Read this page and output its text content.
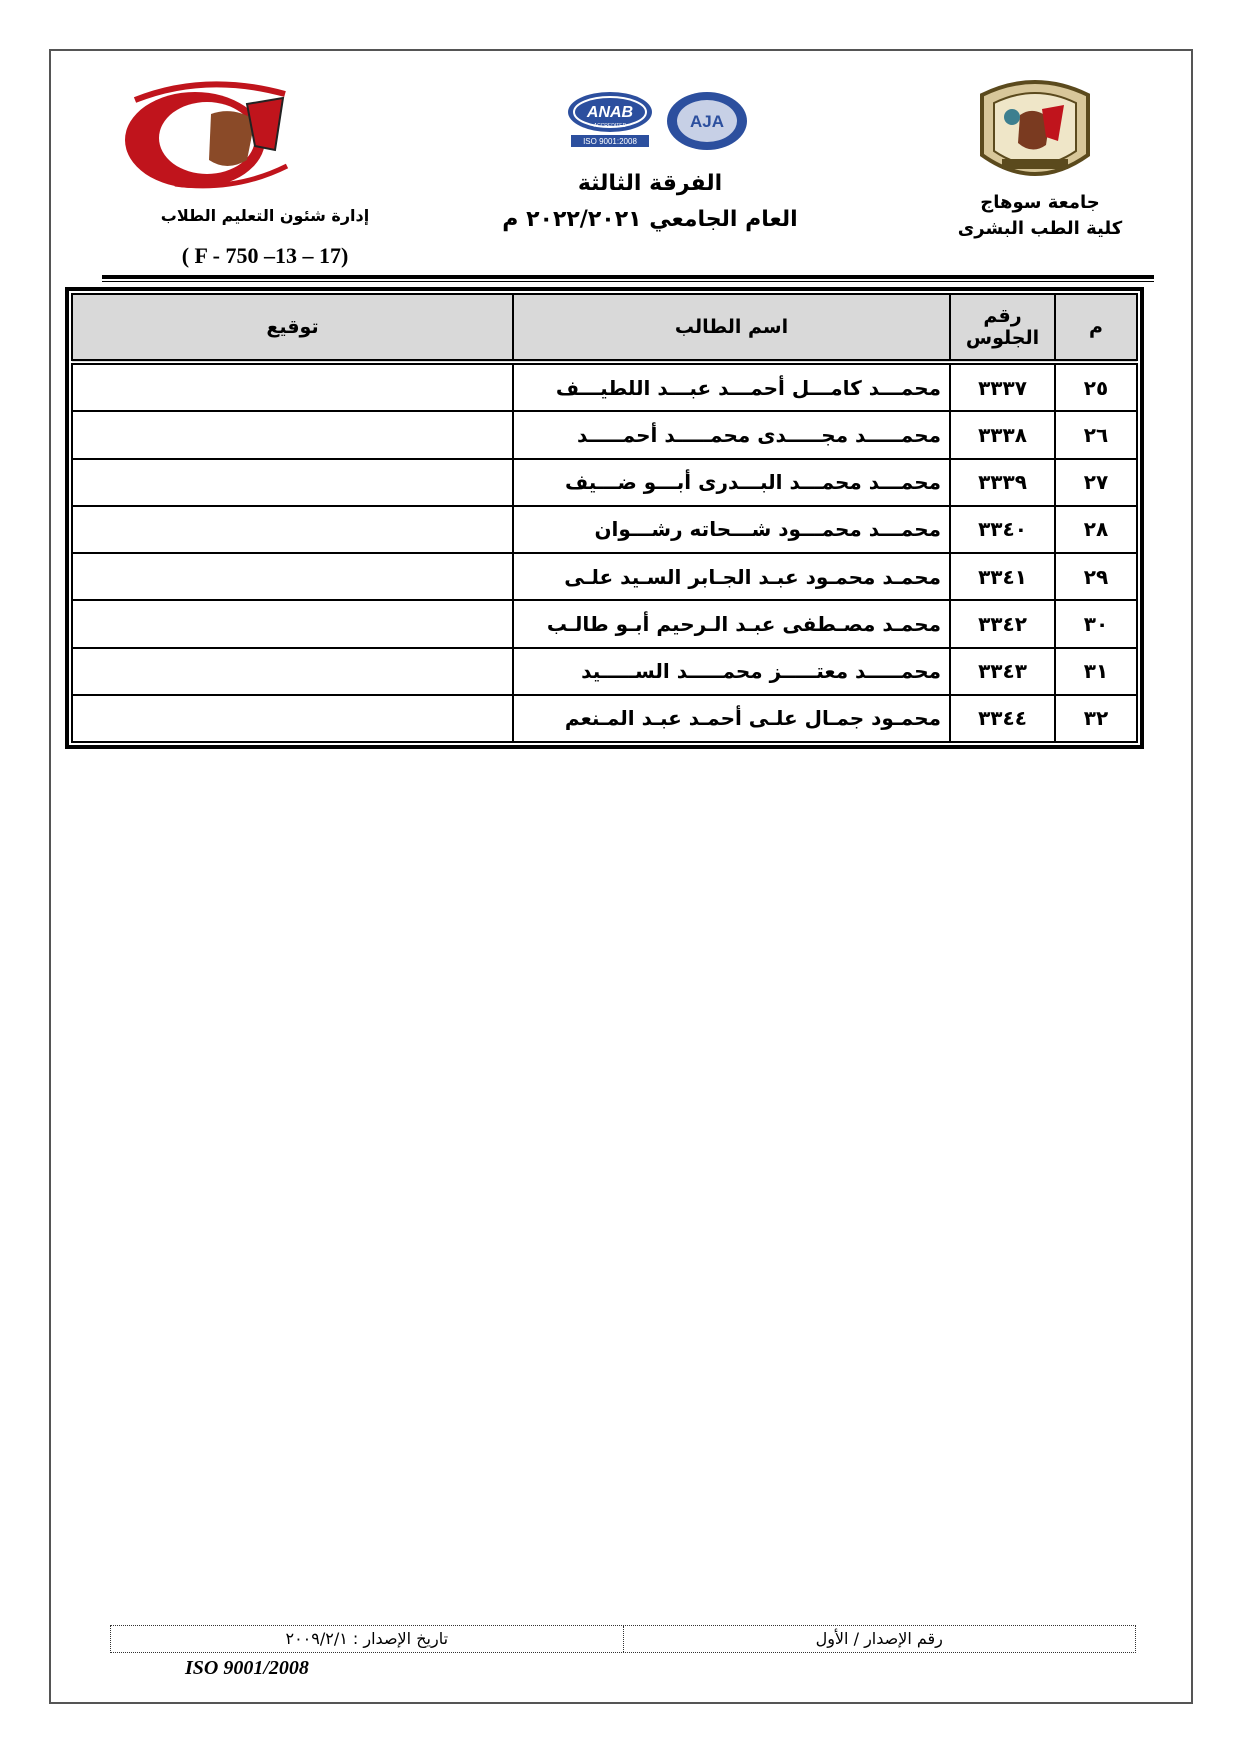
ANAB
ACCREDITED
ISO 9001:2008
AJA
جامعة سوهاج
كلية الطب البشرى
الفرقة الثالثة
العام الجامعي ٢٠٢٢/٢٠٢١ م
إدارة شئون التعليم الطلاب
( F - 750 –13 – 17)
م	رقم الجلوس	اسم الطالب	توقيع
٢٥	٣٣٣٧	محمـــد كامـــل أحمـــد عبـــد اللطيـــف	
٢٦	٣٣٣٨	محمـــــد مجـــــدى محمـــــد أحمـــــد	
٢٧	٣٣٣٩	محمـــد محمـــد البـــدرى أبـــو ضـــيف	
٢٨	٣٣٤٠	محمـــد محمـــود شـــحاته رشـــوان	
٢٩	٣٣٤١	محمـد محمـود عبـد الجـابر السـيد علـى	
٣٠	٣٣٤٢	محمـد مصـطفى عبـد الـرحيم أبـو طالـب	
٣١	٣٣٤٣	محمـــــد معتـــــز محمـــــد الســـــيد	
٣٢	٣٣٤٤	محمـود جمـال علـى أحمـد عبـد المـنعم	
رقم الإصدار / الأول
تاريخ الإصدار : ٢٠٠٩/٢/١
ISO 9001/2008
